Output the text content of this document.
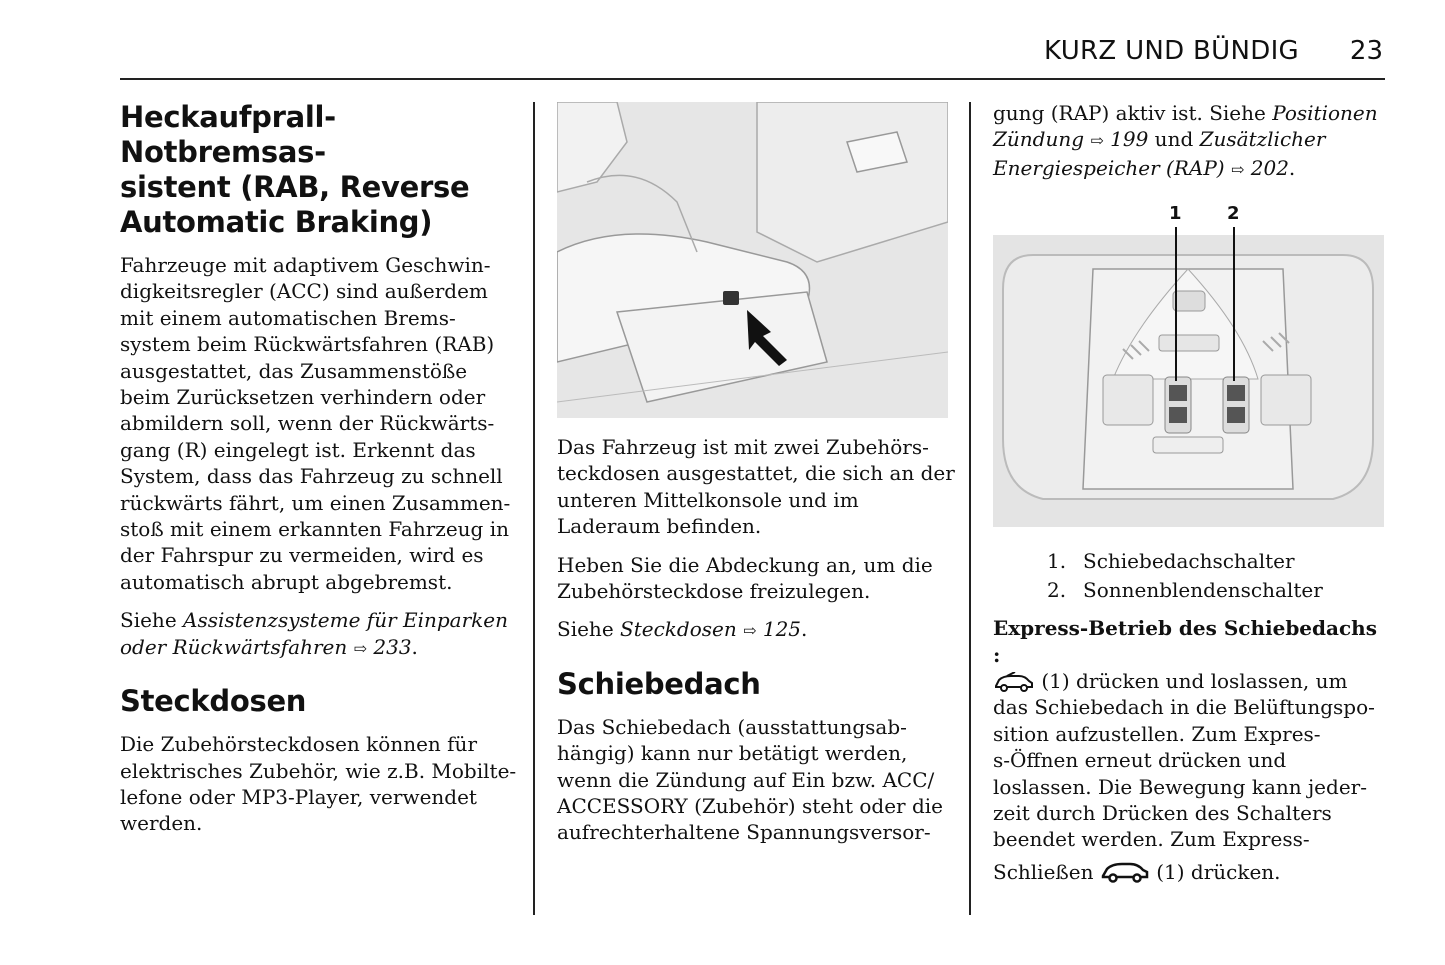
KURZ UND BÜNDIG 23
Heckaufprall-Notbremsas-
sistent (RAB, Reverse
Automatic Braking)

Fahrzeuge mit adaptivem Geschwin-
digkeitsregler (ACC) sind außerdem
mit einem automatischen Brems-
system beim Rückwärtsfahren (RAB)
ausgestattet, das Zusammenstöße
beim Zurücksetzen verhindern oder
abmildern soll, wenn der Rückwärts-
gang (R) eingelegt ist. Erkennt das
System, dass das Fahrzeug zu schnell
rückwärts fährt, um einen Zusammen-
stoß mit einem erkannten Fahrzeug in
der Fahrspur zu vermeiden, wird es
automatisch abrupt abgebremst.

Siehe Assistenzsysteme für Einparken
oder Rückwärtsfahren ⇨ 233.

Steckdosen

Die Zubehörsteckdosen können für
elektrisches Zubehör, wie z.B. Mobilte-
lefone oder MP3-Player, verwendet
werden.

Das Fahrzeug ist mit zwei Zubehörs-
teckdosen ausgestattet, die sich an der
unteren Mittelkonsole und im
Laderaum befinden.

Heben Sie die Abdeckung an, um die
Zubehörsteckdose freizulegen.

Siehe Steckdosen ⇨ 125.

Schiebedach

Das Schiebedach (ausstattungsab-
hängig) kann nur betätigt werden,
wenn die Zündung auf Ein bzw. ACC/
ACCESSORY (Zubehör) steht oder die
aufrechterhaltene Spannungsversor-

gung (RAP) aktiv ist. Siehe Positionen
Zündung ⇨ 199 und Zusätzlicher
Energiespeicher (RAP) ⇨ 202.

1	2
1. Schiebedachschalter
2. Sonnenblendenschalter

Express-Betrieb des Schiebedachs :
(1) drücken und loslassen, um
das Schiebedach in die Belüftungspo-
sition aufzustellen. Zum Expres-
s-Öffnen erneut drücken und
loslassen. Die Bewegung kann jeder-
zeit durch Drücken des Schalters
beendet werden. Zum Express-
Schließen	(1) drücken.
